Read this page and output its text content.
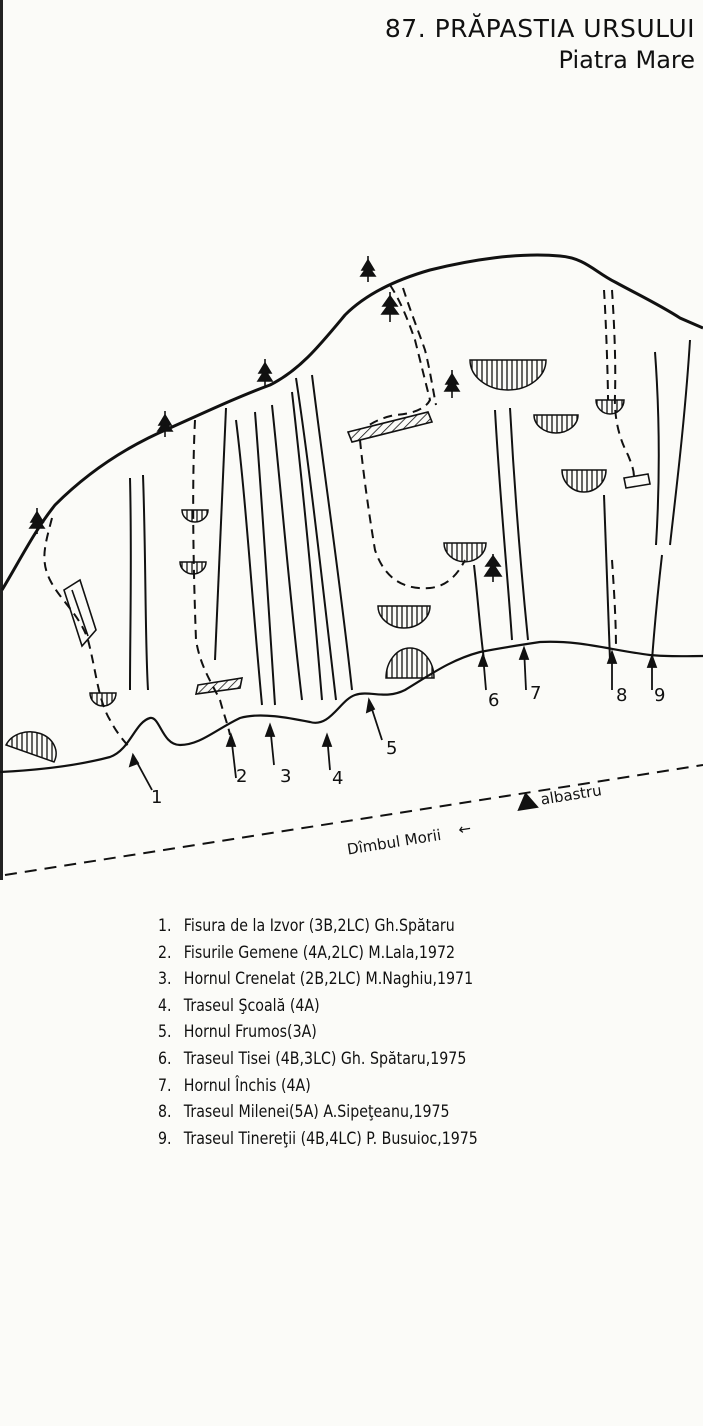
87. PRĂPASTIA URSULUI
Piatra Mare
1
2 3 4
5
6 7	8 9
Dîmbul Morii ←
albastru
1. Fisura de la Izvor (3B,2LC) Gh.Spătaru
2. Fisurile Gemene (4A,2LC) M.Lala,1972
3. Hornul Crenelat (2B,2LC) M.Naghiu,1971
4. Traseul Şcoală (4A)
5. Hornul Frumos(3A)
6. Traseul Tisei (4B,3LC) Gh. Spătaru,1975
7. Hornul Închis (4A)
8. Traseul Milenei(5A) A.Sipeţeanu,1975
9. Traseul Tinereţii (4B,4LC) P. Busuioc,1975
